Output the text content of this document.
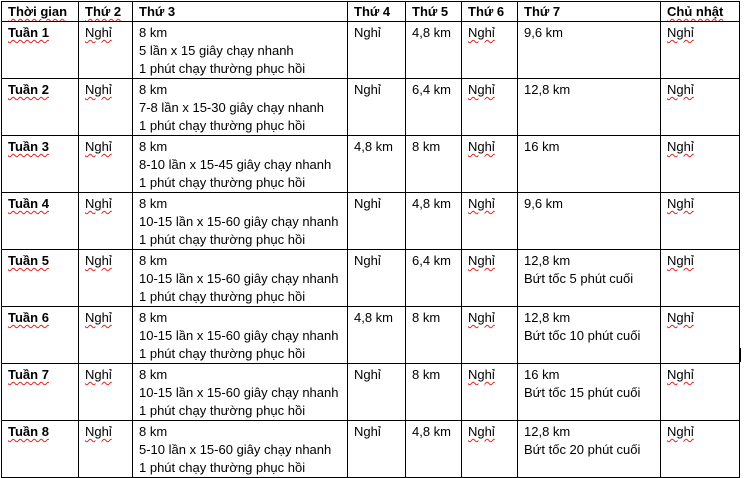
Thời gian	Thứ 2	Thứ 3	Thứ 4	Thứ 5	Thứ 6	Thứ 7	Chủ nhật
Tuần 1	Nghỉ	8 km
5 lần x 15 giây chạy nhanh
1 phút chạy thường phục hồi	Nghỉ	4,8 km	Nghỉ	9,6 km	Nghỉ
Tuần 2	Nghỉ	8 km
7-8 lần x 15-30 giây chạy nhanh
1 phút chạy thường phục hồi	Nghỉ	6,4 km	Nghỉ	12,8 km	Nghỉ
Tuần 3	Nghỉ	8 km
8-10 lần x 15-45 giây chạy nhanh
1 phút chạy thường phục hồi	4,8 km	8 km	Nghỉ	16 km	Nghỉ
Tuần 4	Nghỉ	8 km
10-15 lần x 15-60 giây chạy nhanh
1 phút chạy thường phục hồi	Nghỉ	4,8 km	Nghỉ	9,6 km	Nghỉ
Tuần 5	Nghỉ	8 km
10-15 lần x 15-60 giây chạy nhanh
1 phút chạy thường phục hồi	Nghỉ	6,4 km	Nghỉ	12,8 km
Bứt tốc 5 phút cuối	Nghỉ
Tuần 6	Nghỉ	8 km
10-15 lần x 15-60 giây chạy nhanh
1 phút chạy thường phục hồi	4,8 km	8 km	Nghỉ	12,8 km
Bứt tốc 10 phút cuối	Nghỉ
Tuần 7	Nghỉ	8 km
10-15 lần x 15-60 giây chạy nhanh
1 phút chạy thường phục hồi	Nghỉ	8 km	Nghỉ	16 km
Bứt tốc 15 phút cuối	Nghỉ
Tuần 8	Nghỉ	8 km
5-10 lần x 15-60 giây chạy nhanh
1 phút chạy thường phục hồi	Nghỉ	4,8 km	Nghỉ	12,8 km
Bứt tốc 20 phút cuối	Nghỉ
